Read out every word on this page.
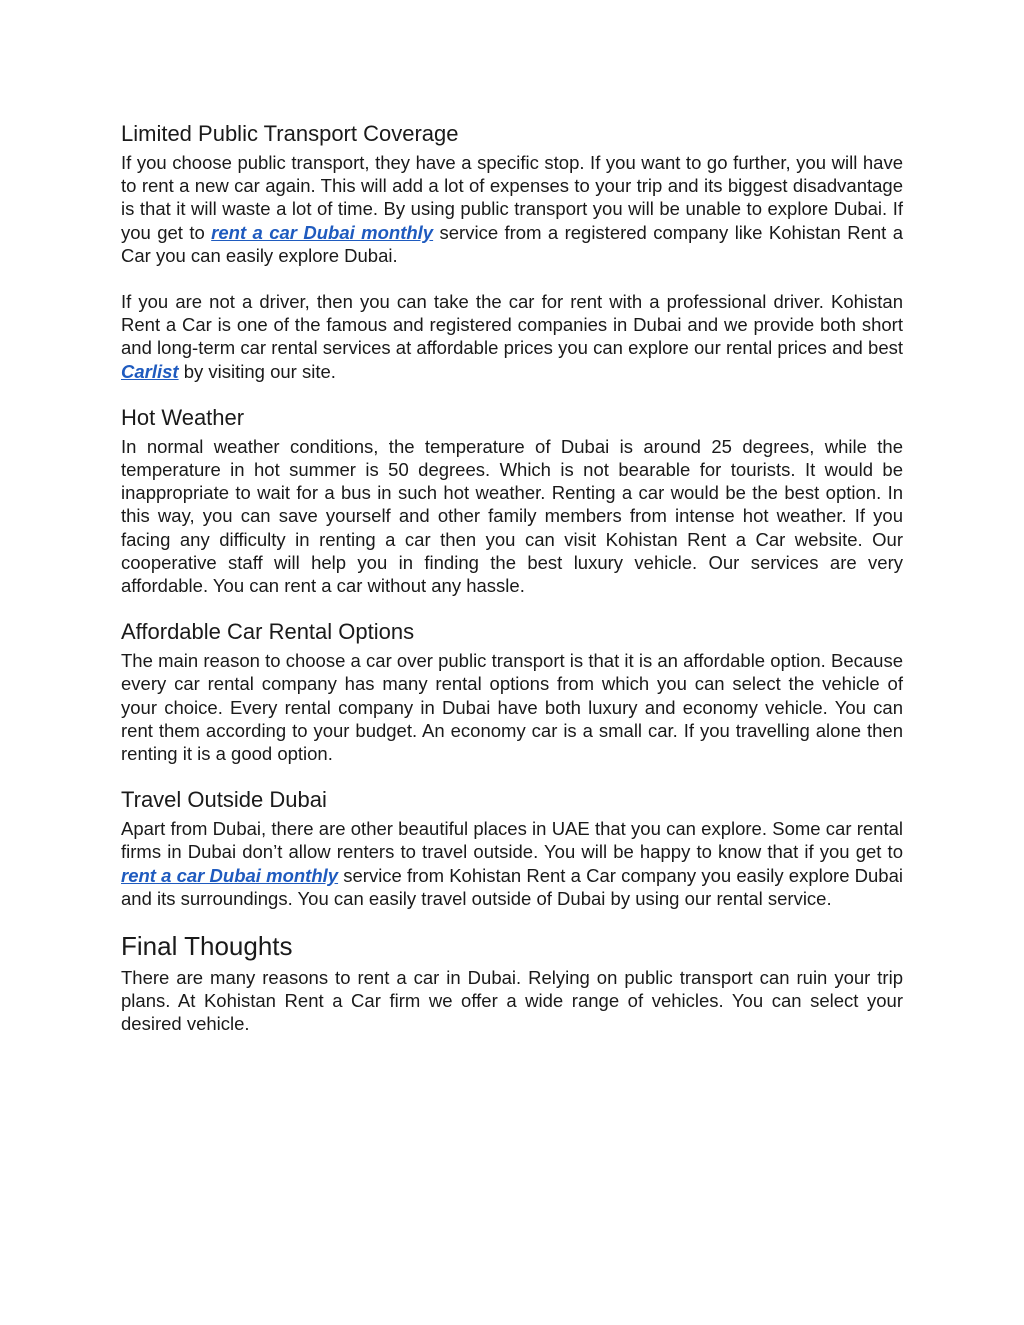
Limited Public Transport Coverage

If you choose public transport, they have a specific stop. If you want to go further, you will have to rent a new car again. This will add a lot of expenses to your trip and its biggest disadvantage is that it will waste a lot of time. By using public transport you will be unable to explore Dubai. If you get to rent a car Dubai monthly service from a registered company like Kohistan Rent a Car you can easily explore Dubai.

If you are not a driver, then you can take the car for rent with a professional driver. Kohistan Rent a Car is one of the famous and registered companies in Dubai and we provide both short and long-term car rental services at affordable prices you can explore our rental prices and best Carlist by visiting our site.

Hot Weather

In normal weather conditions, the temperature of Dubai is around 25 degrees, while the temperature in hot summer is 50 degrees. Which is not bearable for tourists. It would be inappropriate to wait for a bus in such hot weather. Renting a car would be the best option. In this way, you can save yourself and other family members from intense hot weather. If you facing any difficulty in renting a car then you can visit Kohistan Rent a Car website. Our cooperative staff will help you in finding the best luxury vehicle. Our services are very affordable. You can rent a car without any hassle.

Affordable Car Rental Options

The main reason to choose a car over public transport is that it is an affordable option. Because every car rental company has many rental options from which you can select the vehicle of your choice. Every rental company in Dubai have both luxury and economy vehicle. You can rent them according to your budget. An economy car is a small car. If you travelling alone then renting it is a good option.

Travel Outside Dubai

Apart from Dubai, there are other beautiful places in UAE that you can explore. Some car rental firms in Dubai don’t allow renters to travel outside. You will be happy to know that if you get to rent a car Dubai monthly service from Kohistan Rent a Car company you easily explore Dubai and its surroundings. You can easily travel outside of Dubai by using our rental service.

Final Thoughts

There are many reasons to rent a car in Dubai. Relying on public transport can ruin your trip plans. At Kohistan Rent a Car firm we offer a wide range of vehicles. You can select your desired vehicle.
